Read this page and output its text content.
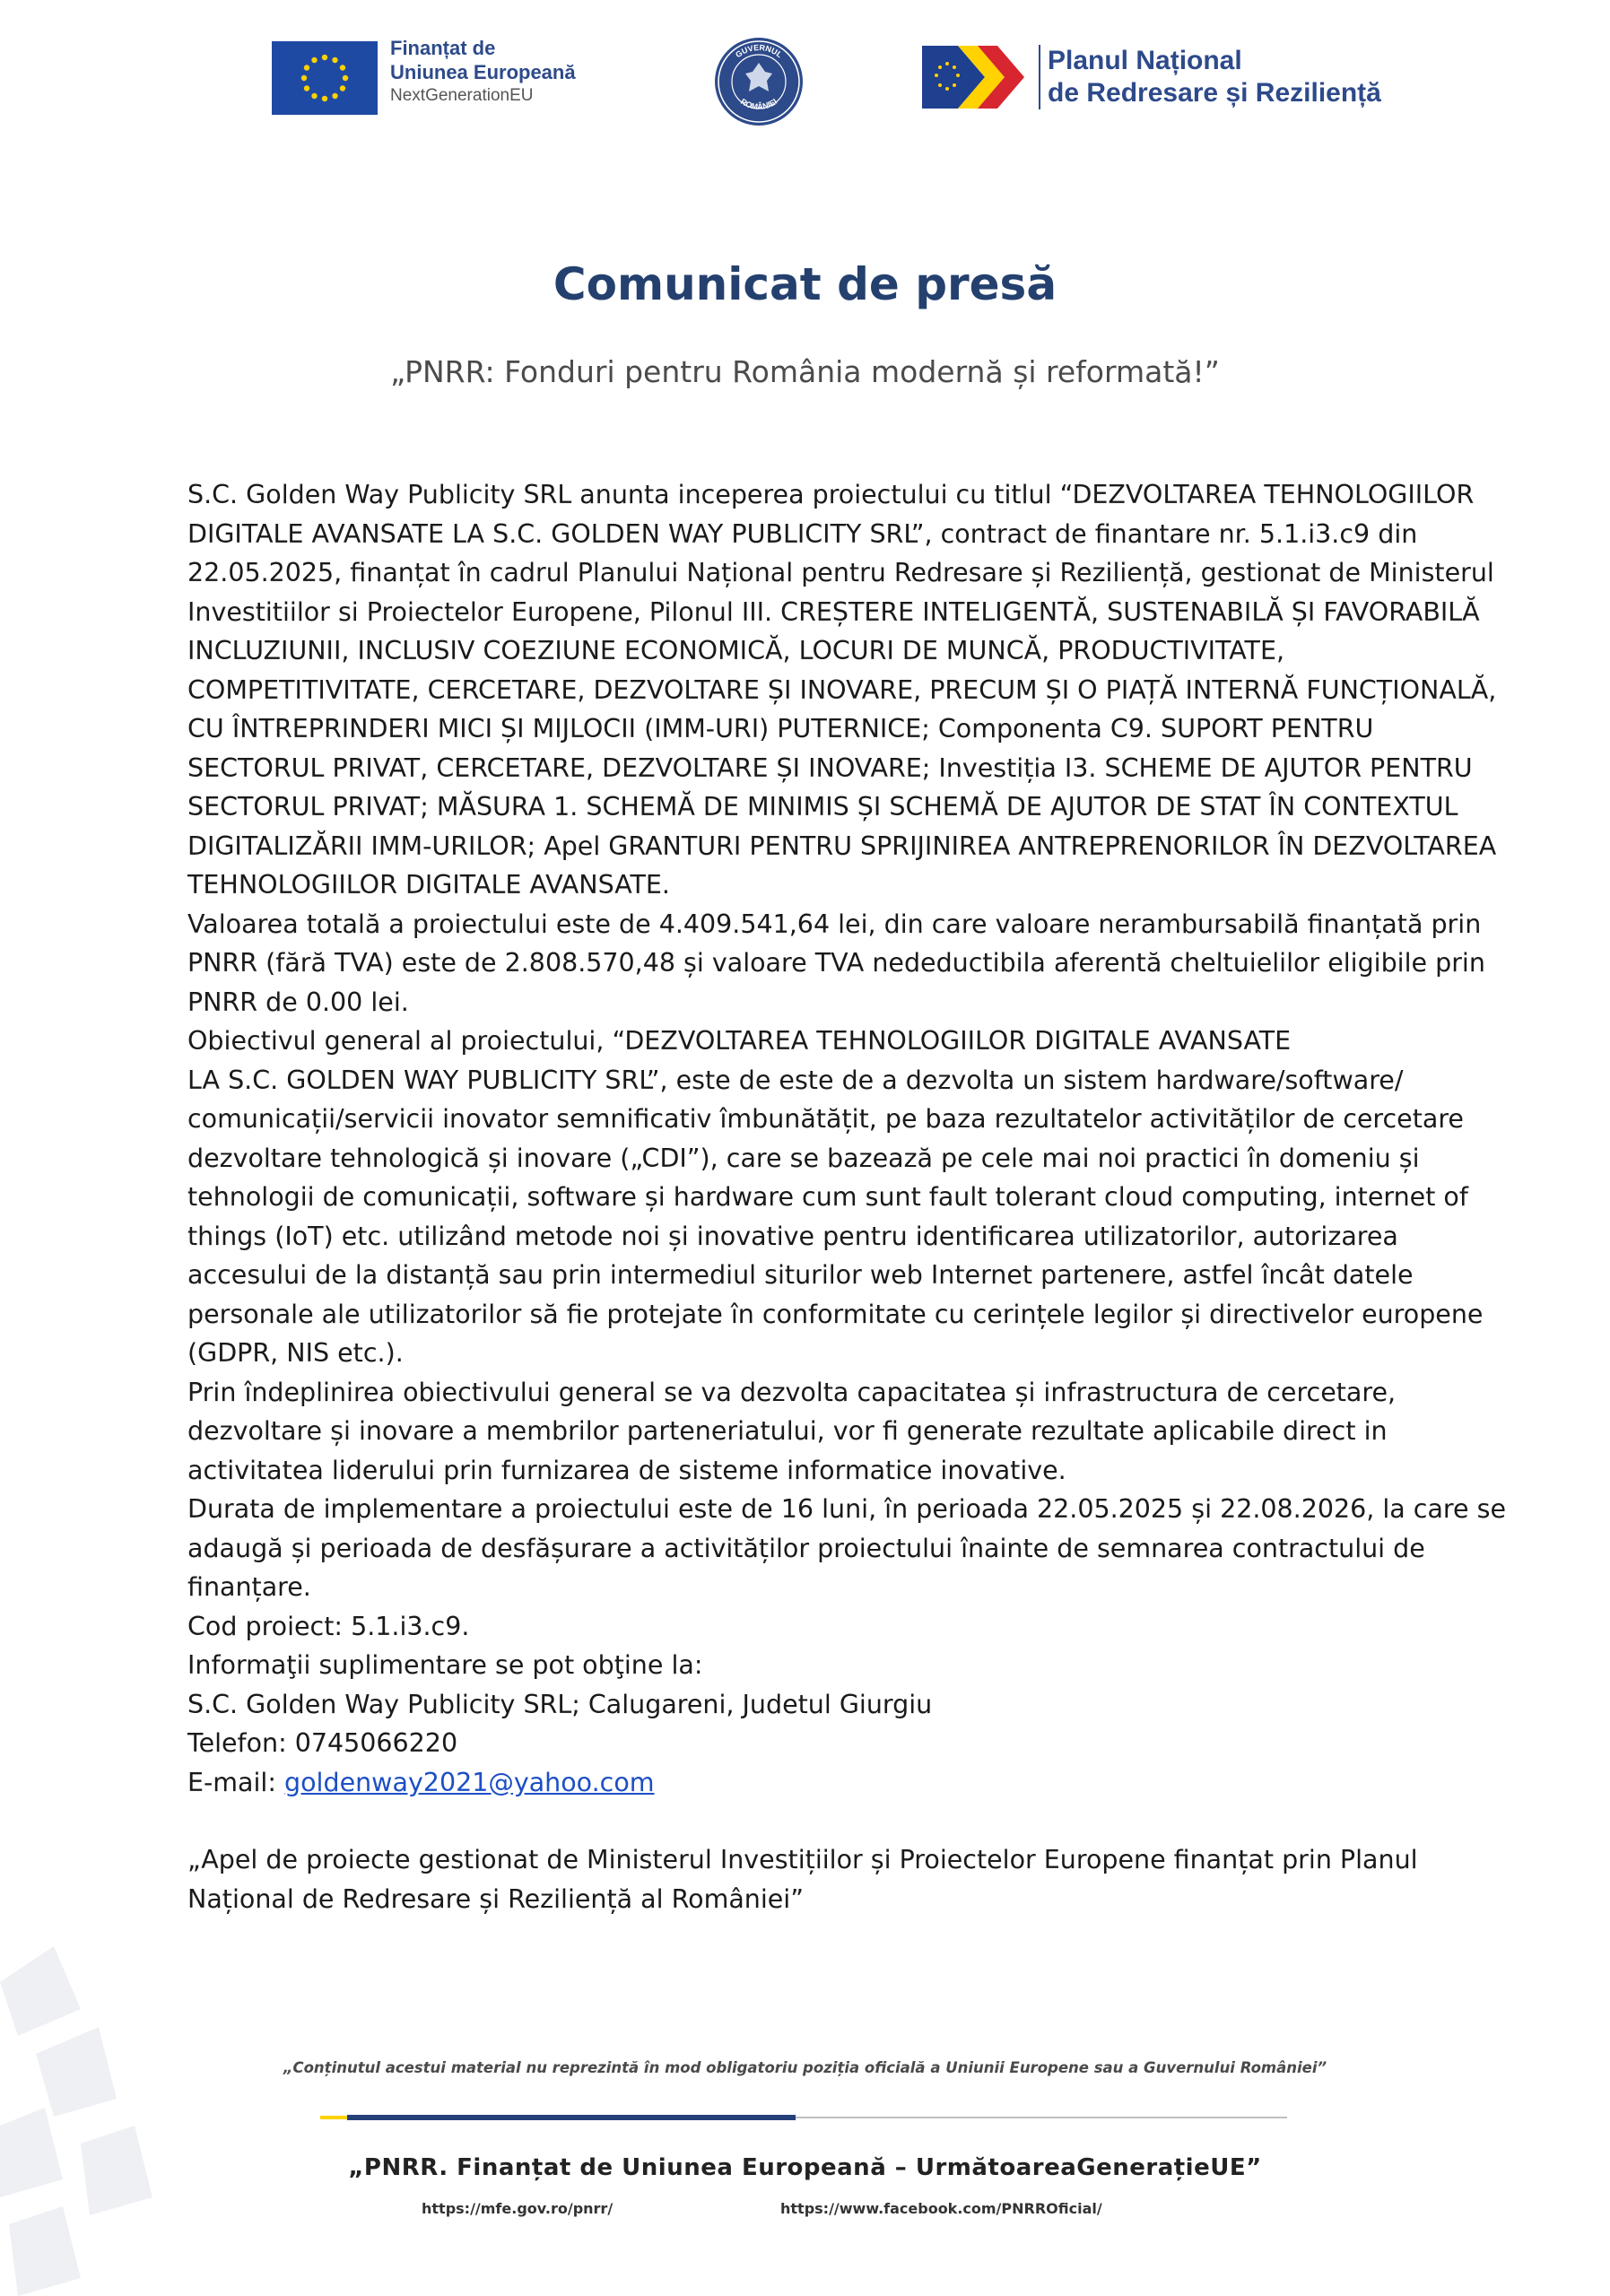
Finanțat de
Uniunea Europeană
NextGenerationEU
GUVERNUL
ROMÂNIEI
Planul Național
de Redresare și Reziliență
Comunicat de presă
„PNRR: Fonduri pentru România modernă și reformată!”

S.C. Golden Way Publicity SRL anunta inceperea proiectului cu titlul “DEZVOLTAREA TEHNOLOGIILOR DIGITALE AVANSATE LA S.C. GOLDEN WAY PUBLICITY SRL”, contract de finantare nr. 5.1.i3.c9 din 22.05.2025, finanțat în cadrul Planului Național pentru Redresare și Reziliență, gestionat de Ministerul Investitiilor si Proiectelor Europene, Pilonul III. CREȘTERE INTELIGENTĂ, SUSTENABILĂ ȘI FAVORABILĂ INCLUZIUNII, INCLUSIV COEZIUNE ECONOMICĂ, LOCURI DE MUNCĂ, PRODUCTIVITATE, COMPETITIVITATE, CERCETARE, DEZVOLTARE ȘI INOVARE, PRECUM ȘI O PIAȚĂ INTERNĂ FUNCȚIONALĂ, CU ÎNTREPRINDERI MICI ȘI MIJLOCII (IMM-URI) PUTERNICE; Componenta C9. SUPORT PENTRU SECTORUL PRIVAT, CERCETARE, DEZVOLTARE ȘI INOVARE; Investiția I3. SCHEME DE AJUTOR PENTRU SECTORUL PRIVAT; MĂSURA 1. SCHEMĂ DE MINIMIS ȘI SCHEMĂ DE AJUTOR DE STAT ÎN CONTEXTUL DIGITALIZĂRII IMM-URILOR; Apel GRANTURI PENTRU SPRIJINIREA ANTREPRENORILOR ÎN DEZVOLTAREA TEHNOLOGIILOR DIGITALE AVANSATE.

Valoarea totală a proiectului este de 4.409.541,64 lei, din care valoare nerambursabilă finanțată prin PNRR (fără TVA) este de 2.808.570,48 și valoare TVA nedeductibila aferentă cheltuielilor eligibile prin PNRR de 0.00 lei.

Obiectivul general al proiectului, “DEZVOLTAREA TEHNOLOGIILOR DIGITALE AVANSATE

LA S.C. GOLDEN WAY PUBLICITY SRL”, este de este de a dezvolta un sistem hardware/software/ comunicații/servicii inovator semnificativ îmbunătățit, pe baza rezultatelor activităților de cercetare dezvoltare tehnologică și inovare („CDI”), care se bazează pe cele mai noi practici în domeniu și tehnologii de comunicații, software și hardware cum sunt fault tolerant cloud computing, internet of things (IoT) etc. utilizând metode noi și inovative pentru identificarea utilizatorilor, autorizarea accesului de la distanță sau prin intermediul siturilor web Internet partenere, astfel încât datele personale ale utilizatorilor să fie protejate în conformitate cu cerințele legilor și directivelor europene (GDPR, NIS etc.).

Prin îndeplinirea obiectivului general se va dezvolta capacitatea și infrastructura de cercetare, dezvoltare și inovare a membrilor parteneriatului, vor fi generate rezultate aplicabile direct in activitatea liderului prin furnizarea de sisteme informatice inovative.

Durata de implementare a proiectului este de 16 luni, în perioada 22.05.2025 și 22.08.2026, la care se adaugă și perioada de desfășurare a activităților proiectului înainte de semnarea contractului de finanțare.

Cod proiect: 5.1.i3.c9.

Informaţii suplimentare se pot obţine la:

S.C. Golden Way Publicity SRL; Calugareni, Judetul Giurgiu

Telefon: 0745066220

E-mail: goldenway2021@yahoo.com

„Apel de proiecte gestionat de Ministerul Investițiilor și Proiectelor Europene finanțat prin Planul Național de Redresare și Reziliență al României”

„Conținutul acestui material nu reprezintă în mod obligatoriu poziția oficială a Uniunii Europene sau a Guvernului României”
„PNRR. Finanțat de Uniunea Europeană – UrmătoareaGenerațieUE”
https://mfe.gov.ro/pnrr/	https://www.facebook.com/PNRROficial/
